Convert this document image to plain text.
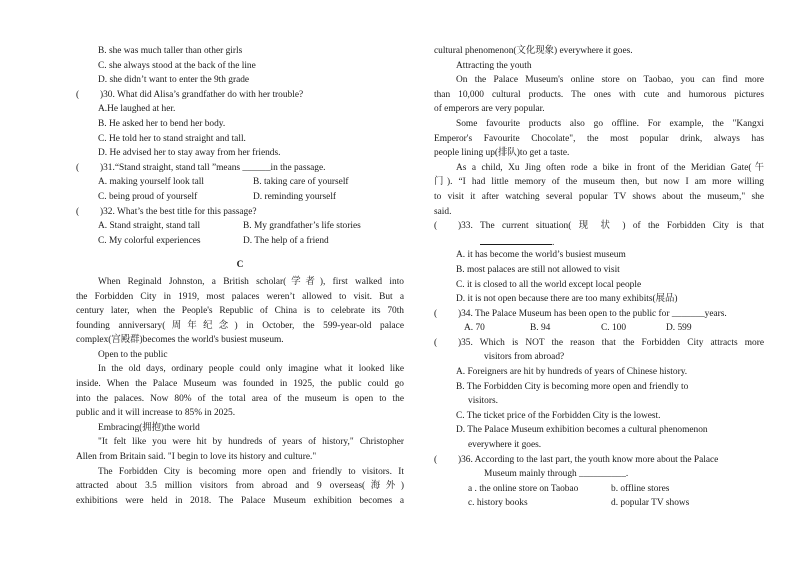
B. she was much taller than other girls
C. she always stood at the back of the line
D. she didn’t want to enter the 9th grade
(	)30. What did Alisa’s grandfather do with her trouble?
A.He laughed at her.
B. He asked her to bend her body.
C. He told her to stand straight and tall.
D. He advised her to stay away from her friends.
(	)31.“Stand straight, stand tall ”means ______in the passage.
A. making yourself look tall	B. taking care of yourself
C. being proud of yourself	D. reminding yourself
(	)32. What’s the best title for this passage?
A. Stand straight, stand tall	B. My grandfather’s life stories
C. My colorful experiences	D. The help of a friend
C
When Reginald Johnston, a British scholar(学者), first walked into
the Forbidden City in 1919, most palaces weren’t allowed to visit. But a
century later, when the People's Republic of China is to celebrate its 70th
founding anniversary(周年纪念) in October, the 599-year-old palace
complex(宫殿群)becomes the world's busiest museum.
Open to the public
In the old days, ordinary people could only imagine what it looked like
inside. When the Palace Museum was founded in 1925, the public could go
into the palaces. Now 80% of the total area of the museum is open to the
public and it will increase to 85% in 2025.
Embracing(拥抱)the world
"It felt like you were hit by hundreds of years of history," Christopher
Allen from Britain said. "I begin to love its history and culture."
The Forbidden City is becoming more open and friendly to visitors. It
attracted about 3.5 million visitors from abroad and 9 overseas(海外)
exhibitions were held in 2018. The Palace Museum exhibition becomes a
cultural phenomenon(文化现象) everywhere it goes.
Attracting the youth
On the Palace Museum's online store on Taobao, you can find more
than 10,000 cultural products. The ones with cute and humorous pictures
of emperors are very popular.
Some favourite products also go offline. For example, the "Kangxi
Emperor's Favourite Chocolate", the most popular drink, always has
people lining up(排队)to get a taste.
As a child, Xu Jing often rode a bike in front of the Meridian Gate(午
门). “I had little memory of the museum then, but now I am more willing
to visit it after watching several popular TV shows about the museum," she
said.
(	)33. The current situation( 现 状 ) of the Forbidden City is that
.
A. it has become the world’s busiest museum
B. most palaces are still not allowed to visit
C. it is closed to all the world except local people
D. it is not open because there are too many exhibits(展品)
(	)34. The Palace Museum has been open to the public for _______years.
A. 70	B. 94	C. 100	D. 599
(	)35. Which is NOT the reason that the Forbidden City attracts more
visitors from abroad?
A. Foreigners are hit by hundreds of years of Chinese history.
B. The Forbidden City is becoming more open and friendly to
visitors.
C. The ticket price of the Forbidden City is the lowest.
D. The Palace Museum exhibition becomes a cultural phenomenon
everywhere it goes.
(	)36. According to the last part, the youth know more about the Palace
Museum mainly through __________.
a . the online store on Taobao	b. offline stores
c. history books	d. popular TV shows
